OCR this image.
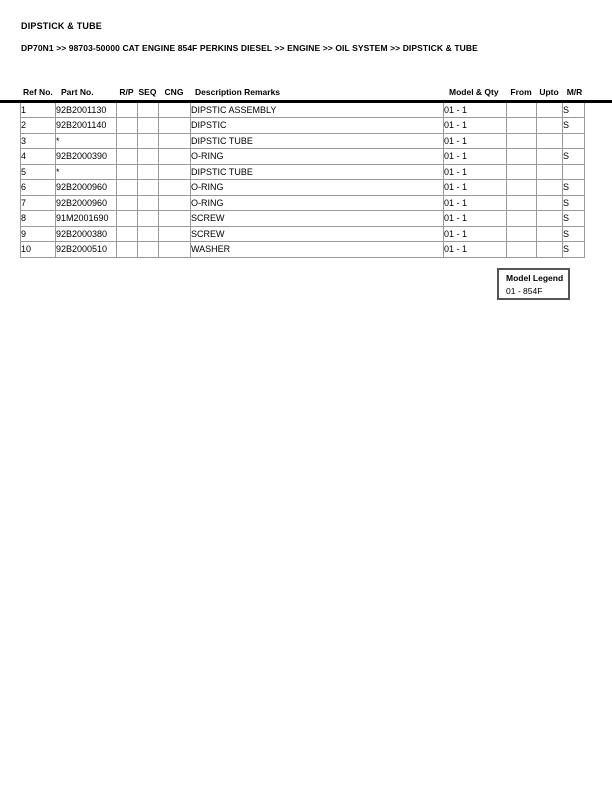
DIPSTICK & TUBE
DP70N1 >> 98703-50000 CAT ENGINE 854F PERKINS DIESEL >> ENGINE >> OIL SYSTEM >> DIPSTICK & TUBE
Ref No. Part No.	R/P SEQ CNG	Description Remarks	Model & Qty	From Upto M/R
1	92B2001130				DIPSTIC ASSEMBLY	01 - 1			S
2	92B2001140				DIPSTIC	01 - 1			S
3	*				DIPSTIC TUBE	01 - 1			
4	92B2000390				O-RING	01 - 1			S
5	*				DIPSTIC TUBE	01 - 1			
6	92B2000960				O-RING	01 - 1			S
7	92B2000960				O-RING	01 - 1			S
8	91M2001690				SCREW	01 - 1			S
9	92B2000380				SCREW	01 - 1			S
10	92B2000510				WASHER	01 - 1			S
Model Legend
01 - 854F
